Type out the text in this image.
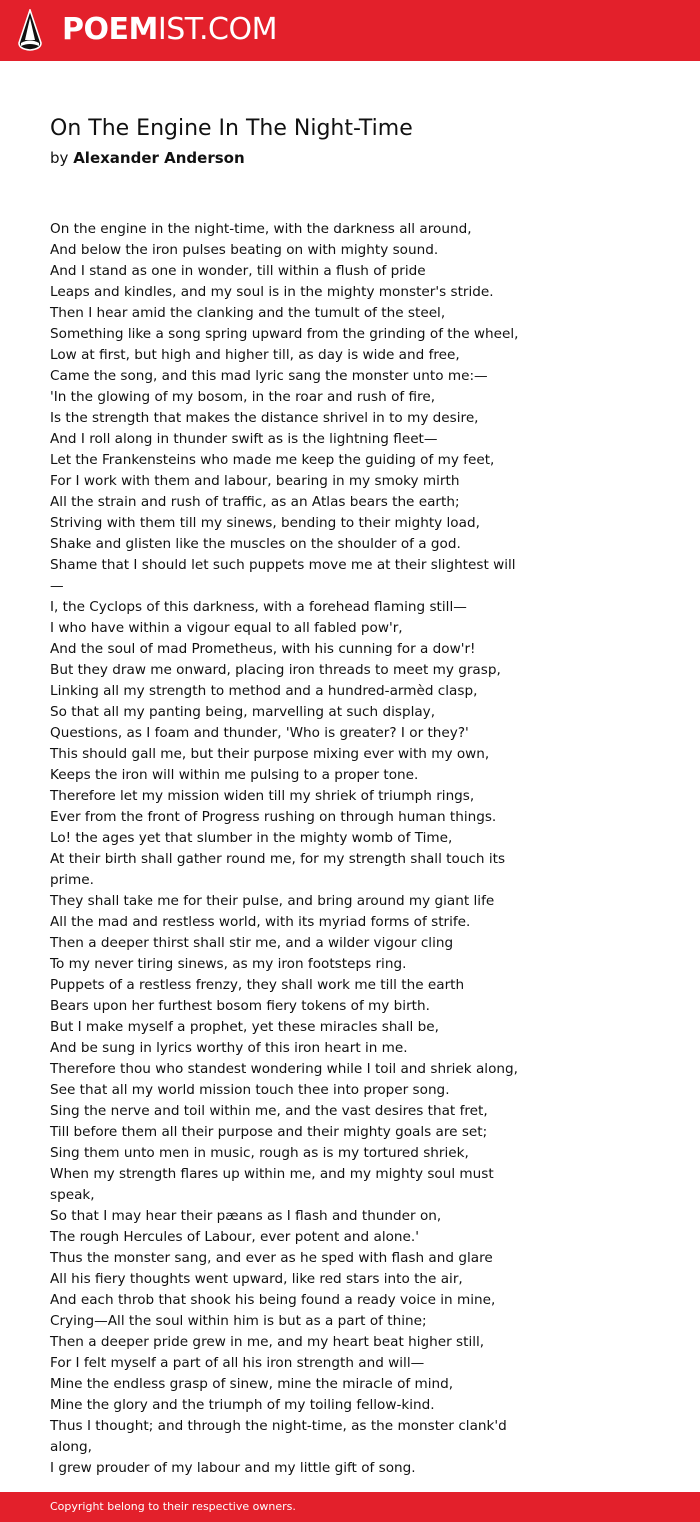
POEMIST.COM
On The Engine In The Night-Time
by Alexander Anderson
On the engine in the night-time, with the darkness all around,
And below the iron pulses beating on with mighty sound.
And I stand as one in wonder, till within a flush of pride
Leaps and kindles, and my soul is in the mighty monster's stride.
Then I hear amid the clanking and the tumult of the steel,
Something like a song spring upward from the grinding of the wheel,
Low at first, but high and higher till, as day is wide and free,
Came the song, and this mad lyric sang the monster unto me:—
'In the glowing of my bosom, in the roar and rush of fire,
Is the strength that makes the distance shrivel in to my desire,
And I roll along in thunder swift as is the lightning fleet—
Let the Frankensteins who made me keep the guiding of my feet,
For I work with them and labour, bearing in my smoky mirth
All the strain and rush of traffic, as an Atlas bears the earth;
Striving with them till my sinews, bending to their mighty load,
Shake and glisten like the muscles on the shoulder of a god.
Shame that I should let such puppets move me at their slightest will—
I, the Cyclops of this darkness, with a forehead flaming still—
I who have within a vigour equal to all fabled pow'r,
And the soul of mad Prometheus, with his cunning for a dow'r!
But they draw me onward, placing iron threads to meet my grasp,
Linking all my strength to method and a hundred-armèd clasp,
So that all my panting being, marvelling at such display,
Questions, as I foam and thunder, 'Who is greater? I or they?'
This should gall me, but their purpose mixing ever with my own,
Keeps the iron will within me pulsing to a proper tone.
Therefore let my mission widen till my shriek of triumph rings,
Ever from the front of Progress rushing on through human things.
Lo! the ages yet that slumber in the mighty womb of Time,
At their birth shall gather round me, for my strength shall touch its prime.
They shall take me for their pulse, and bring around my giant life
All the mad and restless world, with its myriad forms of strife.
Then a deeper thirst shall stir me, and a wilder vigour cling
To my never tiring sinews, as my iron footsteps ring.
Puppets of a restless frenzy, they shall work me till the earth
Bears upon her furthest bosom fiery tokens of my birth.
But I make myself a prophet, yet these miracles shall be,
And be sung in lyrics worthy of this iron heart in me.
Therefore thou who standest wondering while I toil and shriek along,
See that all my world mission touch thee into proper song.
Sing the nerve and toil within me, and the vast desires that fret,
Till before them all their purpose and their mighty goals are set;
Sing them unto men in music, rough as is my tortured shriek,
When my strength flares up within me, and my mighty soul must speak,
So that I may hear their pæans as I flash and thunder on,
The rough Hercules of Labour, ever potent and alone.'
Thus the monster sang, and ever as he sped with flash and glare
All his fiery thoughts went upward, like red stars into the air,
And each throb that shook his being found a ready voice in mine,
Crying—All the soul within him is but as a part of thine;
Then a deeper pride grew in me, and my heart beat higher still,
For I felt myself a part of all his iron strength and will—
Mine the endless grasp of sinew, mine the miracle of mind,
Mine the glory and the triumph of my toiling fellow-kind.
Thus I thought; and through the night-time, as the monster clank'd along,
I grew prouder of my labour and my little gift of song.
Copyright belong to their respective owners.
